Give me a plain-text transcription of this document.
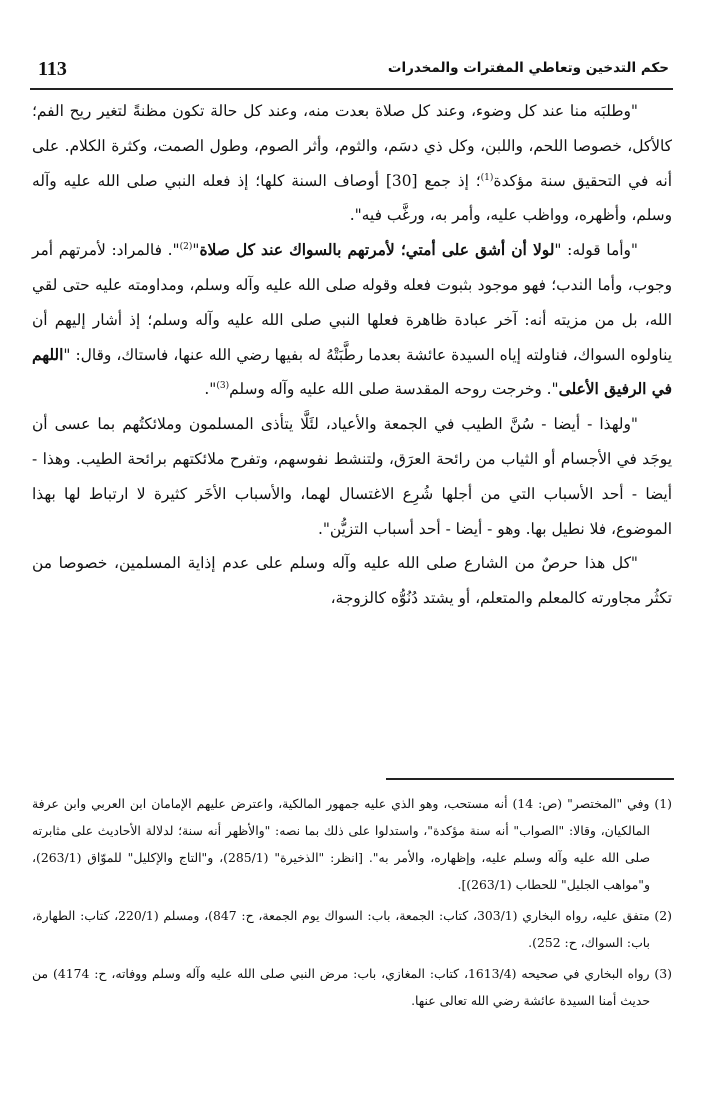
113	حكم التدخين وتعاطي المفترات والمخدرات

"وطلبَه منا عند كل وضوء، وعند كل صلاة بعدت منه، وعند كل حالة تكون مظنةً لتغير ريح الفم؛ كالأكل، خصوصا اللحم، واللبن، وكل ذي دسَم، والثوم، وأثر الصوم، وطول الصمت، وكثرة الكلام. على أنه في التحقيق سنة مؤكدة$^{(1)}$؛ إذ جمع [30] أوصاف السنة كلها؛ إذ فعله النبي صلى الله عليه وآله وسلم، وأظهره، وواظب عليه، وأمر به، ورغَّب فيه".

"وأما قوله: "لولا أن أشق على أمتي؛ لأمرتهم بالسواك عند كل صلاة"$^{(2)}$". فالمراد: لأمرتهم أمر وجوب، وأما الندب؛ فهو موجود بثبوت فعله وقوله صلى الله عليه وآله وسلم، ومداومته عليه حتى لقي الله، بل من مزيته أنه: آخر عبادة ظاهرة فعلها النبي صلى الله عليه وآله وسلم؛ إذ أشار إليهم أن يناولوه السواك، فناولته إياه السيدة عائشة بعدما رطَّبَتْهُ له بفيها رضي الله عنها، فاستاك، وقال: "اللهم في الرفيق الأعلى". وخرجت روحه المقدسة صلى الله عليه وآله وسلم$^{(3)}$".

"ولهذا - أيضا - سُنَّ الطيب في الجمعة والأعياد، لئَلَّا يتأذى المسلمون وملائكتُهم بما عسى أن يوجَد في الأجسام أو الثياب من رائحة العرَق، ولتنشط نفوسهم، وتفرح ملائكتهم برائحة الطيب. وهذا - أيضا - أحد الأسباب التي من أجلها شُرِع الاغتسال لهما، والأسباب الأخَر كثيرة لا ارتباط لها بهذا الموضوع، فلا نطيل بها. وهو - أيضا - أحد أسباب التزيُّن".

"كل هذا حرصٌ من الشارع صلى الله عليه وآله وسلم على عدم إذاية المسلمين، خصوصا من تكثُر مجاورته كالمعلم والمتعلم، أو يشتد دُنُوُّه كالزوجة،

(1) وفي "المختصر" (ص: 14) أنه مستحب، وهو الذي عليه جمهور المالكية، واعترض عليهم الإمامان ابن العربي وابن عرفة المالكيان، وقالا: "الصواب" أنه سنة مؤكدة"، واستدلوا على ذلك بما نصه: "والأظهر أنه سنة؛ لدلالة الأحاديث على مثابرته صلى الله عليه وآله وسلم عليه، وإظهاره، والأمر به". [انظر: "الذخيرة" (285/1)، و"التاج والإكليل" للموّاق (263/1)، و"مواهب الجليل" للحطاب (263/1)].

(2) متفق عليه، رواه البخاري (303/1، كتاب: الجمعة، باب: السواك يوم الجمعة، ح: 847)، ومسلم (220/1، كتاب: الطهارة، باب: السواك، ح: 252).

(3) رواه البخاري في صحيحه (1613/4، كتاب: المغازي، باب: مرض النبي صلى الله عليه وآله وسلم ووفاته، ح: 4174) من حديث أمنا السيدة عائشة رضي الله تعالى عنها.
